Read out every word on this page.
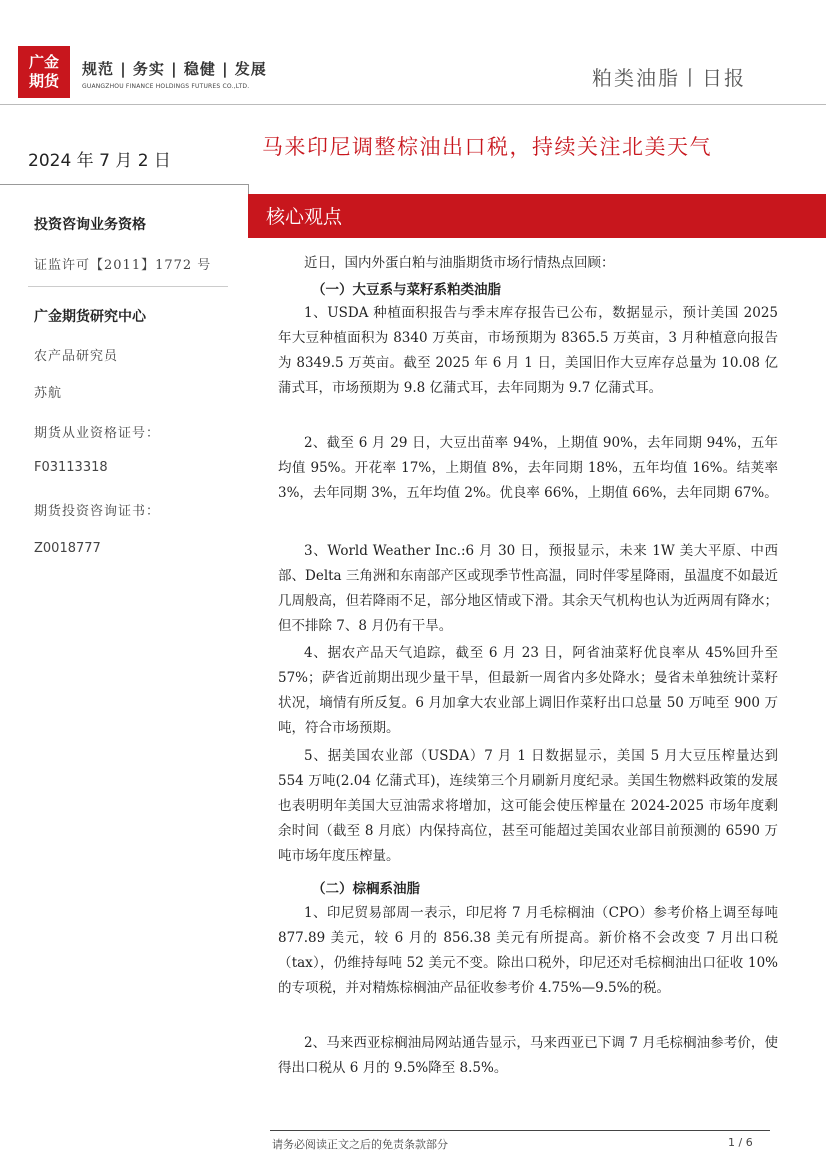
广金
期货
规范 | 务实 | 稳健 | 发展
GUANGZHOU FINANCE HOLDINGS FUTURES CO.,LTD.	粕类油脂丨日报
2024 年 7 月 2 日
马来印尼调整棕油出口税，持续关注北美天气
投资咨询业务资格
证监许可【2011】1772 号
广金期货研究中心
农产品研究员
苏航
期货从业资格证号：
F03113318
期货投资咨询证书：
Z0018777
核心观点

近日，国内外蛋白粕与油脂期货市场行情热点回顾：

（一）大豆系与菜籽系粕类油脂

1、USDA 种植面积报告与季末库存报告已公布，数据显示，预计美国 2025 年大豆种植面积为 8340 万英亩，市场预期为 8365.5 万英亩，3 月种植意向报告为 8349.5 万英亩。截至 2025 年 6 月 1 日，美国旧作大豆库存总量为 10.08 亿蒲式耳，市场预期为 9.8 亿蒲式耳，去年同期为 9.7 亿蒲式耳。

2、截至 6 月 29 日，大豆出苗率 94%，上期值 90%，去年同期 94%，五年均值 95%。开花率 17%，上期值 8%，去年同期 18%，五年均值 16%。结荚率 3%，去年同期 3%，五年均值 2%。优良率 66%，上期值 66%，去年同期 67%。

3、World Weather Inc.:6 月 30 日，预报显示，未来 1W 美大平原、中西部、Delta 三角洲和东南部产区或现季节性高温，同时伴零星降雨，虽温度不如最近几周般高，但若降雨不足，部分地区情或下滑。其余天气机构也认为近两周有降水；但不排除 7、8 月仍有干旱。

4、据农产品天气追踪，截至 6 月 23 日，阿省油菜籽优良率从 45%回升至 57%；萨省近前期出现少量干旱，但最新一周省内多处降水；曼省未单独统计菜籽状况，墒情有所反复。6 月加拿大农业部上调旧作菜籽出口总量 50 万吨至 900 万吨，符合市场预期。

5、据美国农业部（USDA）7 月 1 日数据显示，美国 5 月大豆压榨量达到 554 万吨(2.04 亿蒲式耳)，连续第三个月刷新月度纪录。美国生物燃料政策的发展也表明明年美国大豆油需求将增加，这可能会使压榨量在 2024-2025 市场年度剩余时间（截至 8 月底）内保持高位，甚至可能超过美国农业部目前预测的 6590 万吨市场年度压榨量。

（二）棕榈系油脂

1、印尼贸易部周一表示，印尼将 7 月毛棕榈油（CPO）参考价格上调至每吨 877.89 美元，较 6 月的 856.38 美元有所提高。新价格不会改变 7 月出口税（tax），仍维持每吨 52 美元不变。除出口税外，印尼还对毛棕榈油出口征收 10%的专项税，并对精炼棕榈油产品征收参考价 4.75%—9.5%的税。

2、马来西亚棕榈油局网站通告显示，马来西亚已下调 7 月毛棕榈油参考价，使得出口税从 6 月的 9.5%降至 8.5%。

请务必阅读正文之后的免责条款部分	1 / 6
